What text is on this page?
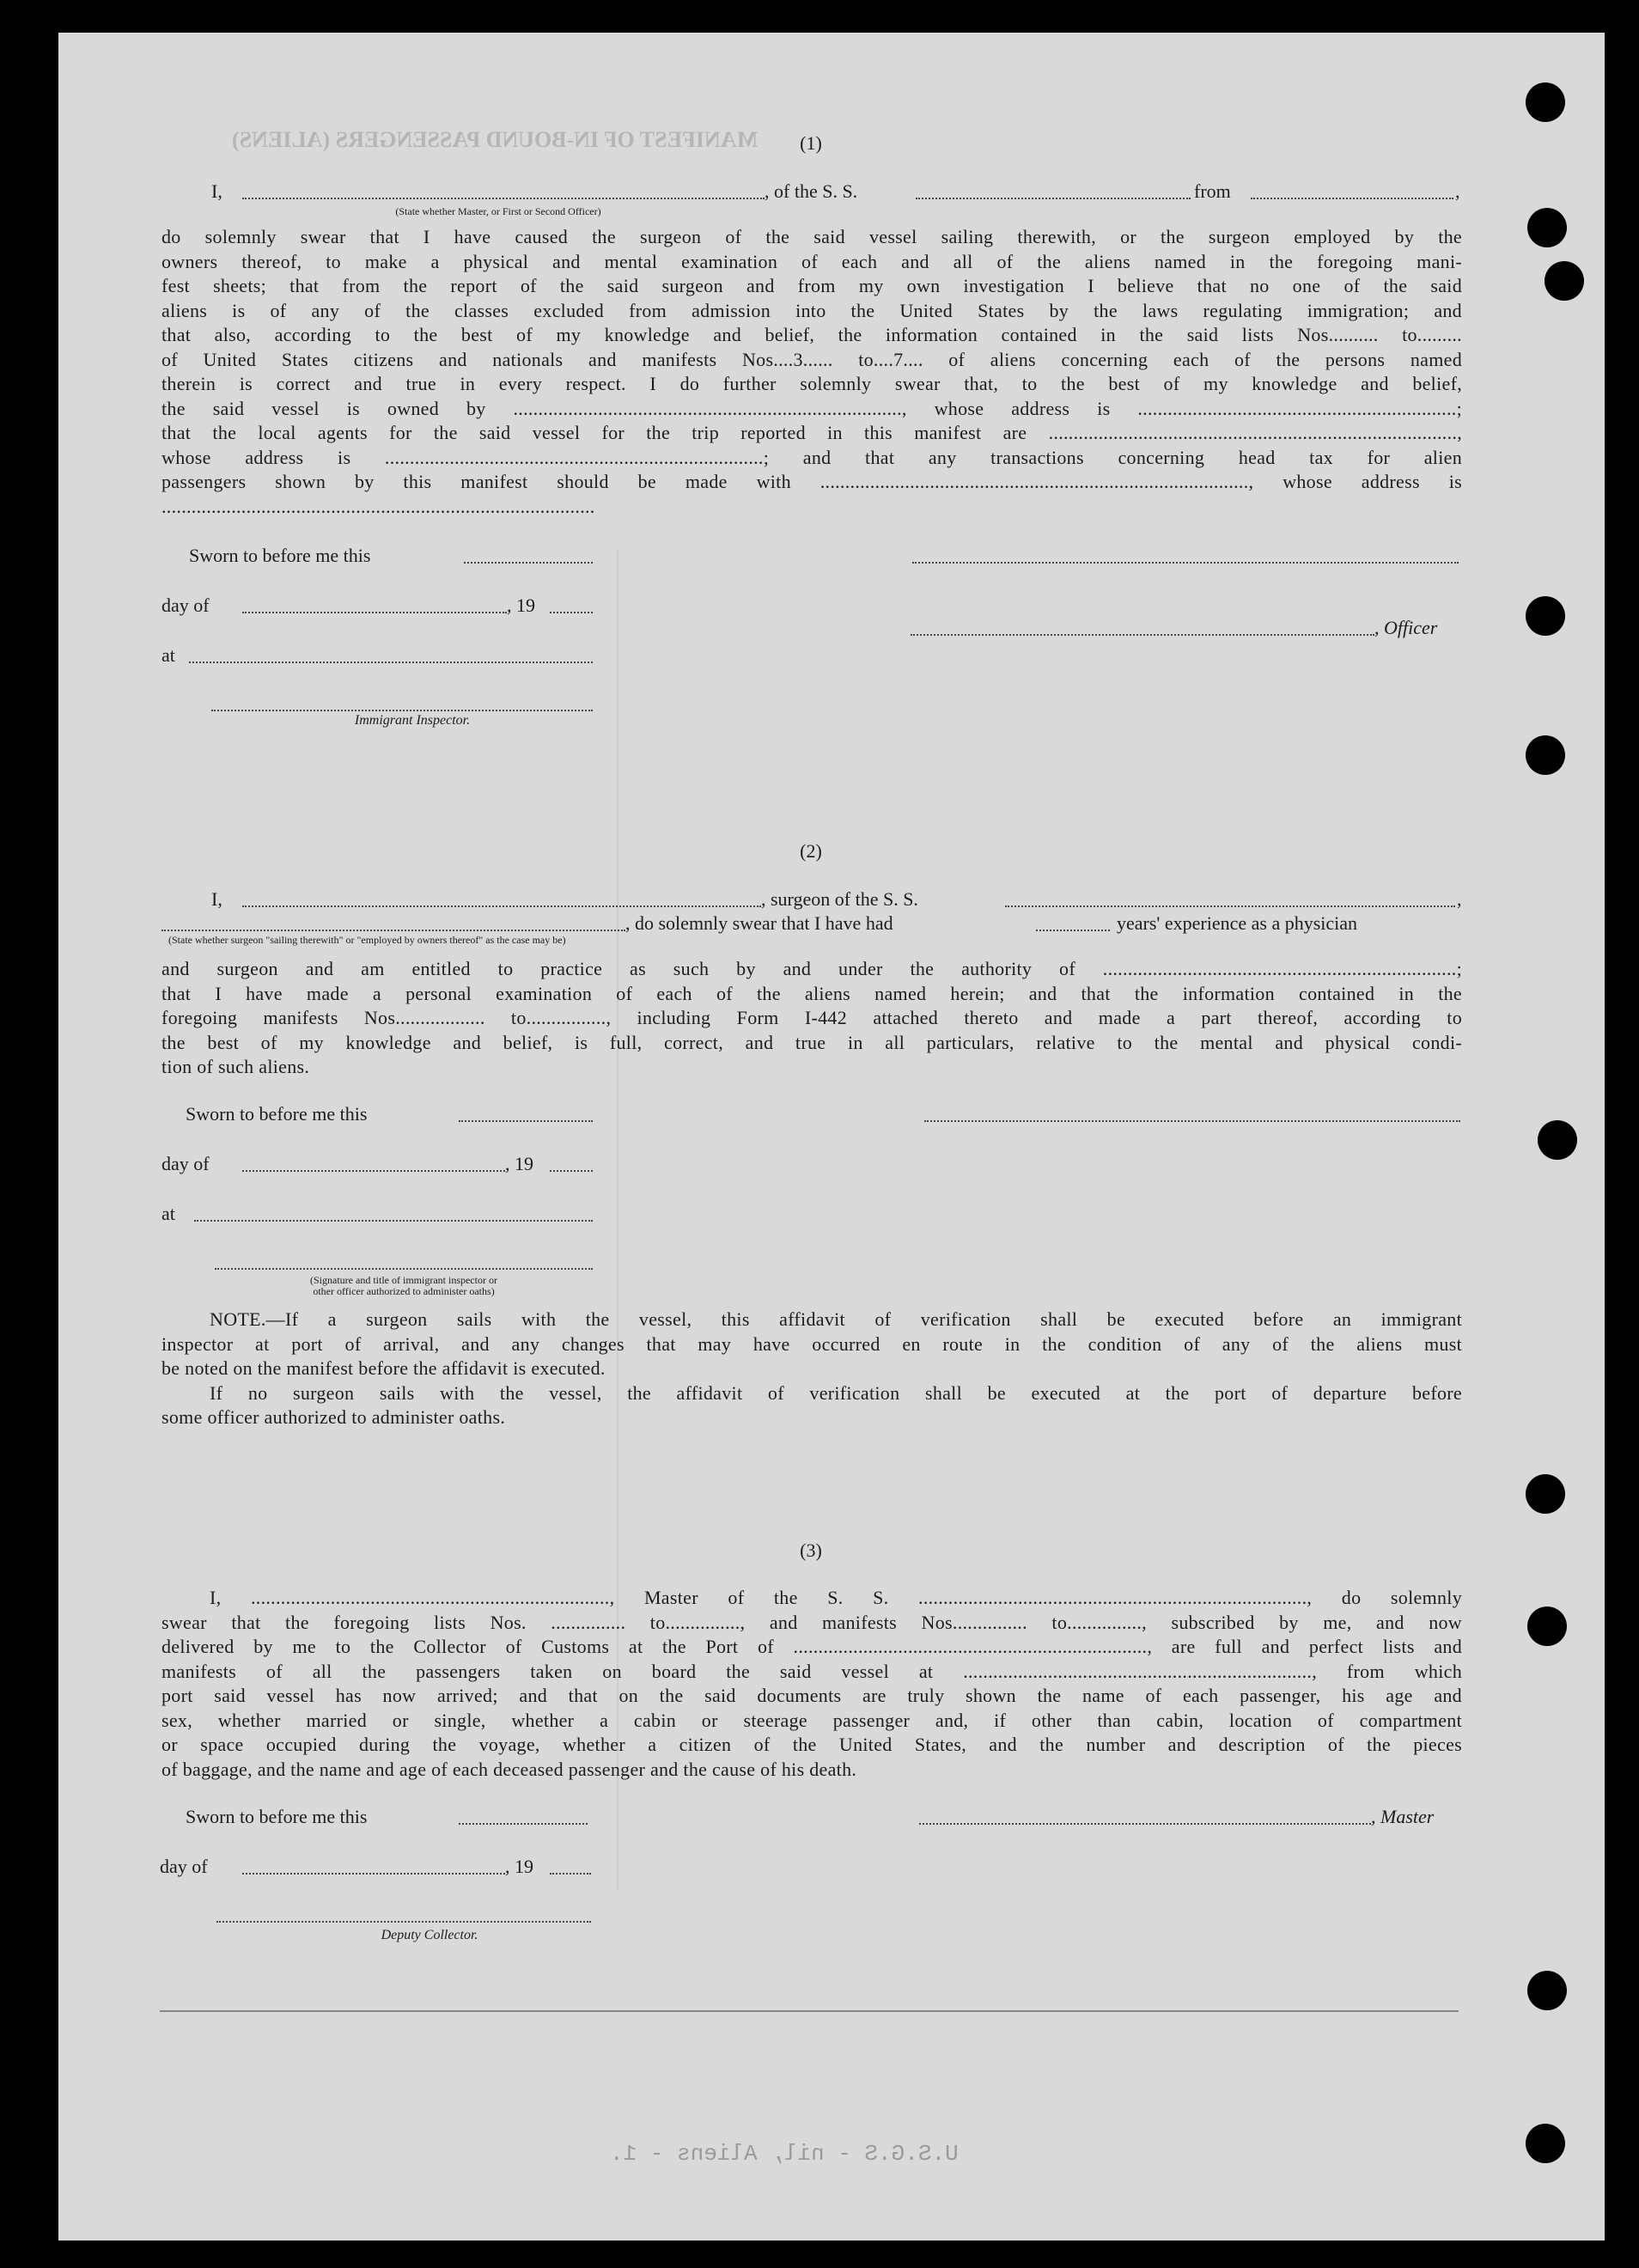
MANIFEST OF IN-BOUND PASSENGERS (ALIENS)
U.S.G.S - nil, Aliens - 1.
(1)
I,	, of the S. S.	from	,
(State whether Master, or First or Second Officer)

do solemnly swear that I have caused the surgeon of the said vessel sailing therewith, or the surgeon employed by the

owners thereof, to make a physical and mental examination of each and all of the aliens named in the foregoing mani-

fest sheets; that from the report of the said surgeon and from my own investigation I believe that no one of the said

aliens is of any of the classes excluded from admission into the United States by the laws regulating immigration; and

that also, according to the best of my knowledge and belief, the information contained in the said lists Nos.......... to.........

of United States citizens and nationals and manifests Nos....3...... to....7.... of aliens concerning each of the persons named

therein is correct and true in every respect. I do further solemnly swear that, to the best of my knowledge and belief,

the said vessel is owned by .............................................................................., whose address is ................................................................;

that the local agents for the said vessel for the trip reported in this manifest are ..................................................................................,

whose address is ............................................................................; and that any transactions concerning head tax for alien

passengers shown by this manifest should be made with ......................................................................................, whose address is

.......................................................................................

Sworn to before me this
day of	, 19
, Officer
at
Immigrant Inspector.
(2)
I,	, surgeon of the S. S.	,
, do solemnly swear that I have had	years' experience as a physician
(State whether surgeon "sailing therewith" or "employed by owners thereof" as the case may be)

and surgeon and am entitled to practice as such by and under the authority of .......................................................................;

that I have made a personal examination of each of the aliens named herein; and that the information contained in the

foregoing manifests Nos.................. to................, including Form I-442 attached thereto and made a part thereof, according to

the best of my knowledge and belief, is full, correct, and true in all particulars, relative to the mental and physical condi-

tion of such aliens.

Sworn to before me this
day of	, 19
at
(Signature and title of immigrant inspector or
other officer authorized to administer oaths)

NOTE.—If a surgeon sails with the vessel, this affidavit of verification shall be executed before an immigrant

inspector at port of arrival, and any changes that may have occurred en route in the condition of any of the aliens must

be noted on the manifest before the affidavit is executed.

If no surgeon sails with the vessel, the affidavit of verification shall be executed at the port of departure before

some officer authorized to administer oaths.

(3)

I, ........................................................................, Master of the S. S. .............................................................................., do solemnly

swear that the foregoing lists Nos. ............... to..............., and manifests Nos............... to..............., subscribed by me, and now

delivered by me to the Collector of Customs at the Port of ......................................................................., are full and perfect lists and

manifests of all the passengers taken on board the said vessel at ......................................................................, from which

port said vessel has now arrived; and that on the said documents are truly shown the name of each passenger, his age and

sex, whether married or single, whether a cabin or steerage passenger and, if other than cabin, location of compartment

or space occupied during the voyage, whether a citizen of the United States, and the number and description of the pieces

of baggage, and the name and age of each deceased passenger and the cause of his death.

Sworn to before me this	, Master
day of	, 19
Deputy Collector.
